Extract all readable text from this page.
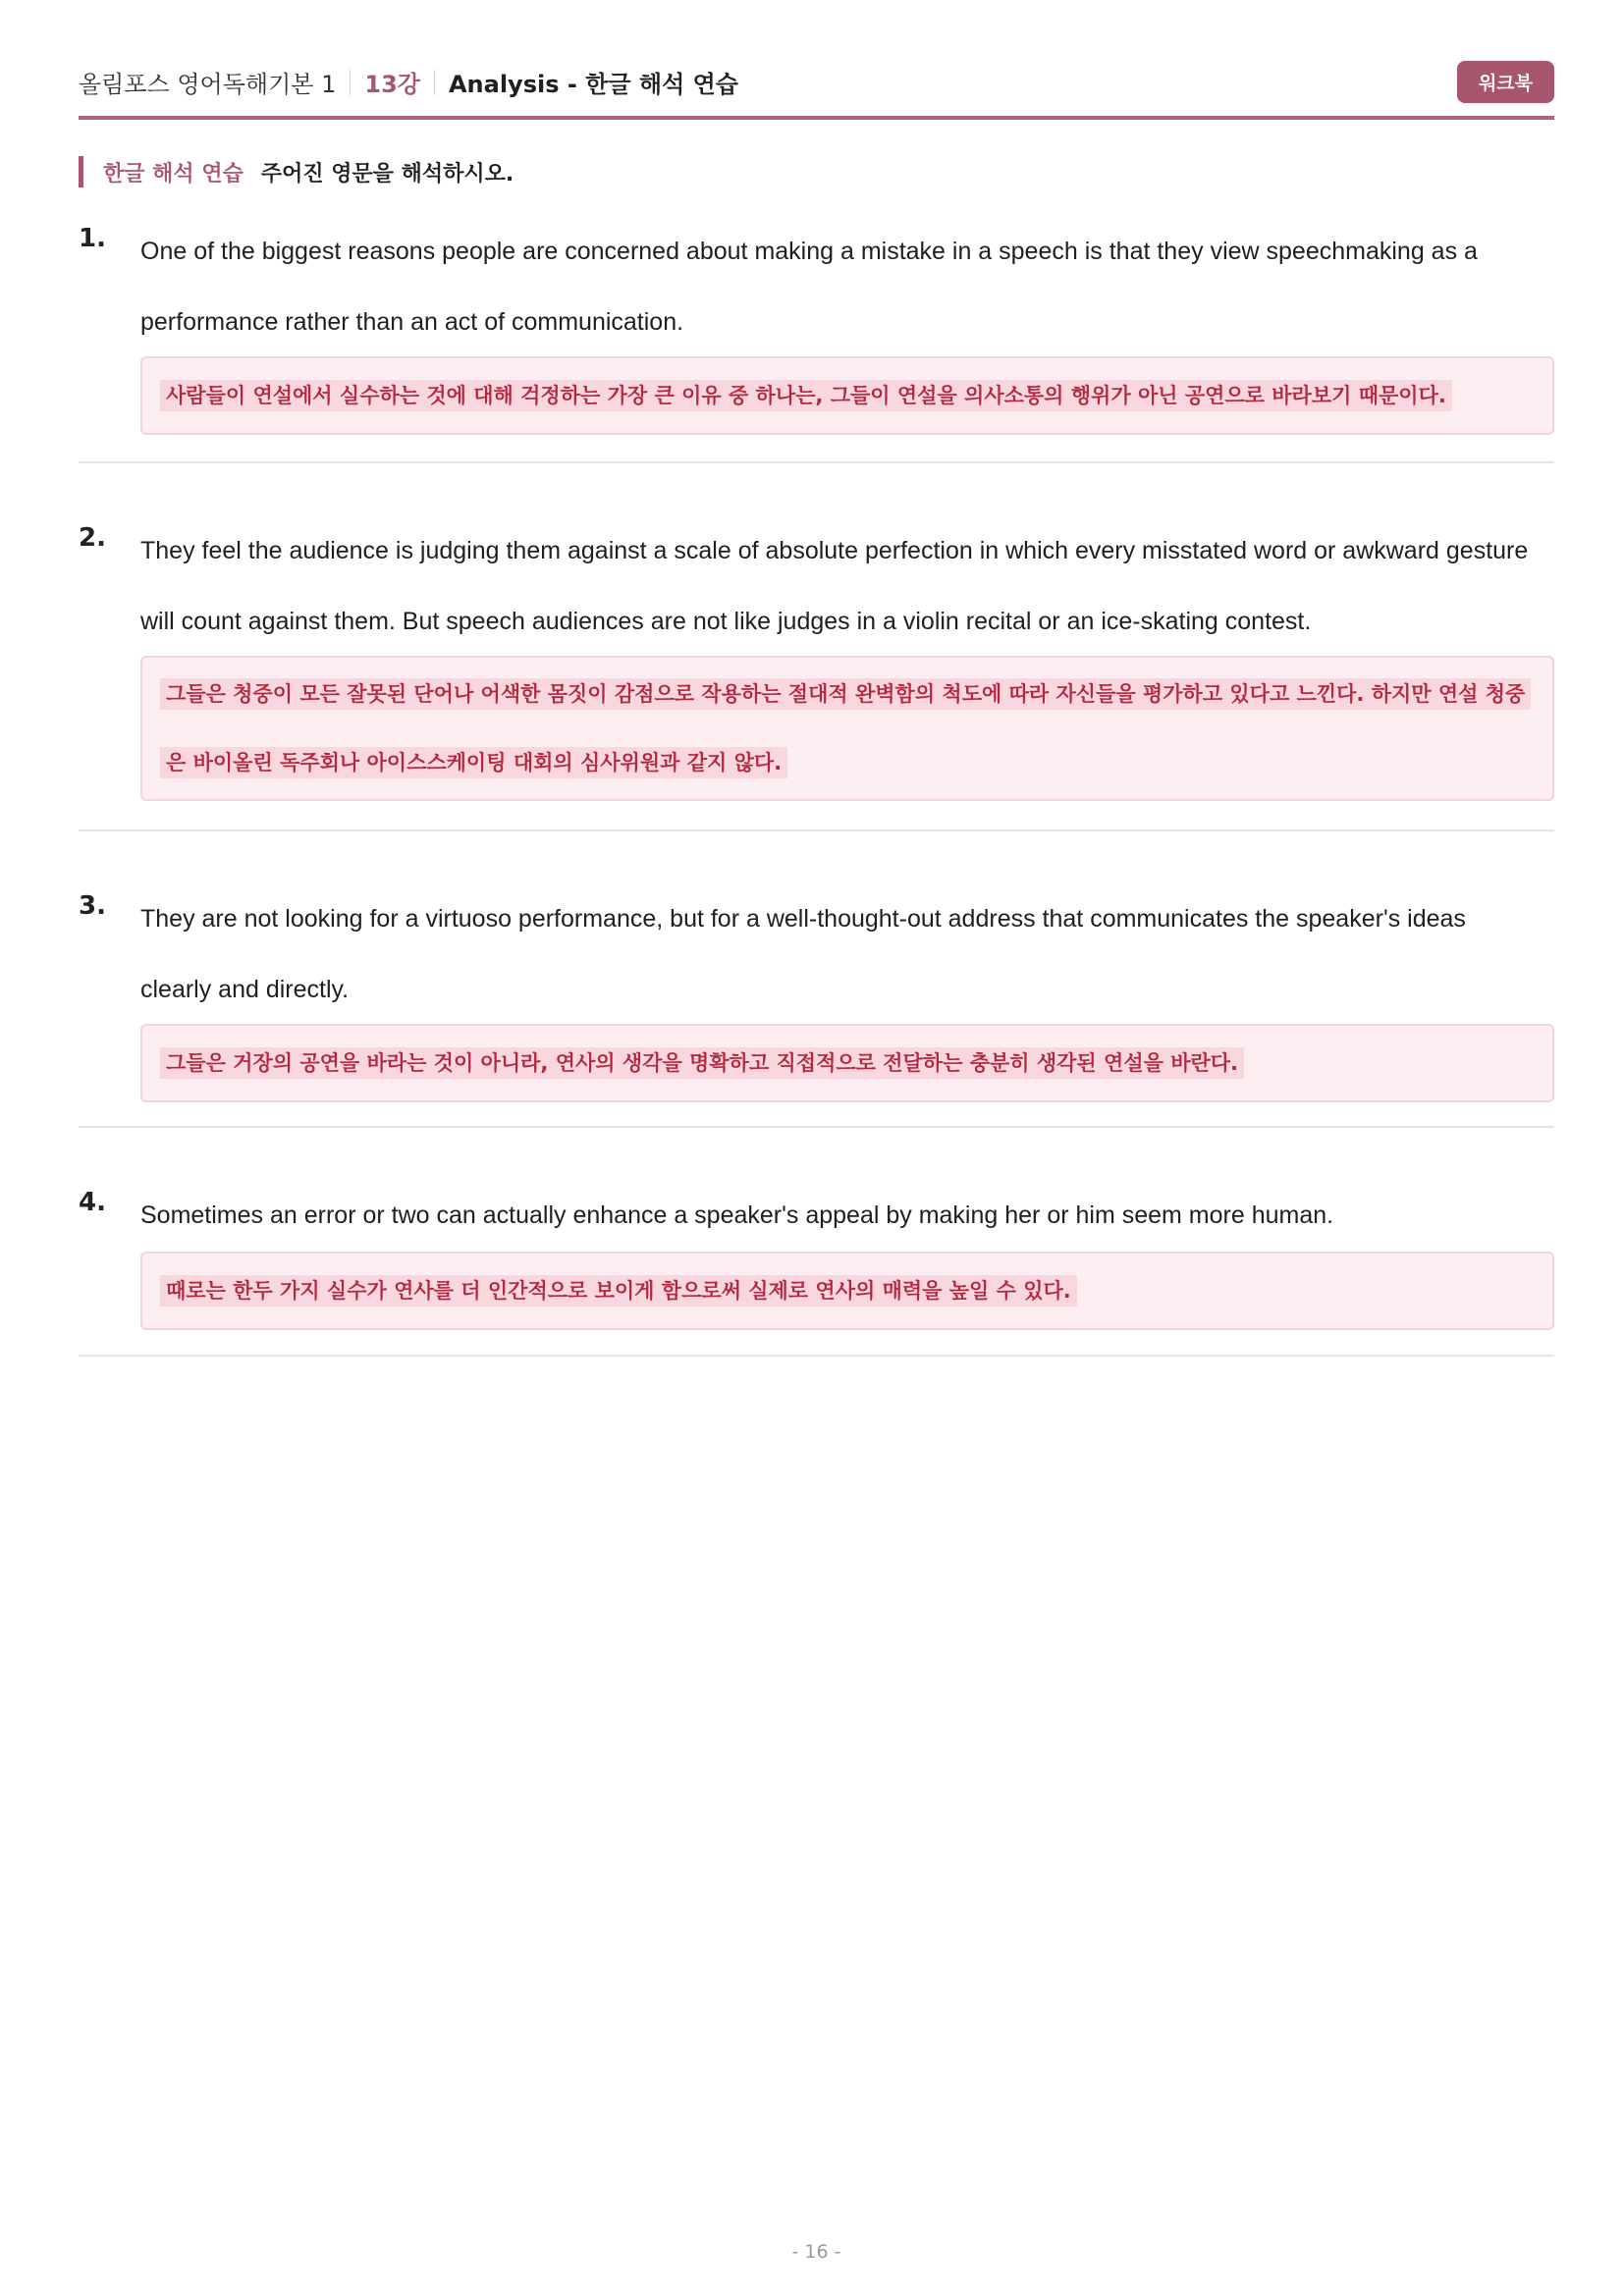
올림포스 영어독해기본 1 13강 Analysis - 한글 해석 연습	워크북
한글 해석 연습 주어진 영문을 해석하시오.
1. One of the biggest reasons people are concerned about making a mistake in a speech is that they view speechmaking as a performance rather than an act of communication.
사람들이 연설에서 실수하는 것에 대해 걱정하는 가장 큰 이유 중 하나는, 그들이 연설을 의사소통의 행위가 아닌 공연으로 바라보기 때문이다.
2. They feel the audience is judging them against a scale of absolute perfection in which every misstated word or awkward gesture will count against them. But speech audiences are not like judges in a violin recital or an ice-skating contest.
그들은 청중이 모든 잘못된 단어나 어색한 몸짓이 감점으로 작용하는 절대적 완벽함의 척도에 따라 자신들을 평가하고 있다고 느낀다. 하지만 연설 청중은 바이올린 독주회나 아이스스케이팅 대회의 심사위원과 같지 않다.
3. They are not looking for a virtuoso performance, but for a well-thought-out address that communicates the speaker's ideas clearly and directly.
그들은 거장의 공연을 바라는 것이 아니라, 연사의 생각을 명확하고 직접적으로 전달하는 충분히 생각된 연설을 바란다.
4. Sometimes an error or two can actually enhance a speaker's appeal by making her or him seem more human.
때로는 한두 가지 실수가 연사를 더 인간적으로 보이게 함으로써 실제로 연사의 매력을 높일 수 있다.
- 16 -
